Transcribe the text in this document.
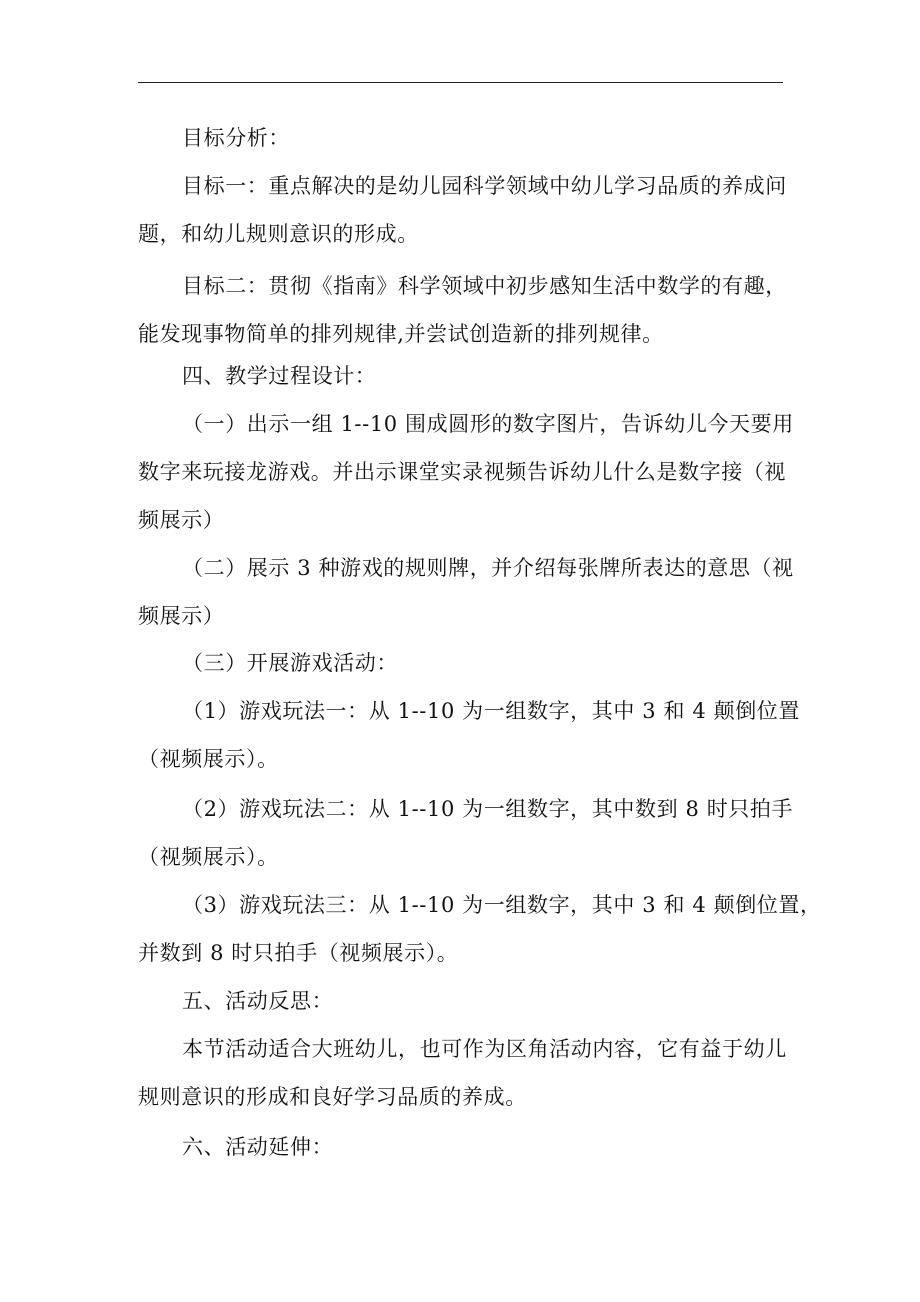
目标分析：
目标一：重点解决的是幼儿园科学领域中幼儿学习品质的养成问
题，和幼儿规则意识的形成。
目标二：贯彻《指南》科学领域中初步感知生活中数学的有趣，
能发现事物简单的排列规律,并尝试创造新的排列规律。
四、教学过程设计：
（一）出示一组 1--10 围成圆形的数字图片，告诉幼儿今天要用
数字来玩接龙游戏。并出示课堂实录视频告诉幼儿什么是数字接（视
频展示）
（二）展示 3 种游戏的规则牌，并介绍每张牌所表达的意思（视
频展示）
（三）开展游戏活动：
（1）游戏玩法一：从 1--10 为一组数字，其中 3 和 4 颠倒位置
（视频展示）。
（2）游戏玩法二：从 1--10 为一组数字，其中数到 8 时只拍手
（视频展示）。
（3）游戏玩法三：从 1--10 为一组数字，其中 3 和 4 颠倒位置，
并数到 8 时只拍手（视频展示）。
五、活动反思：
本节活动适合大班幼儿，也可作为区角活动内容，它有益于幼儿
规则意识的形成和良好学习品质的养成。
六、活动延伸：
